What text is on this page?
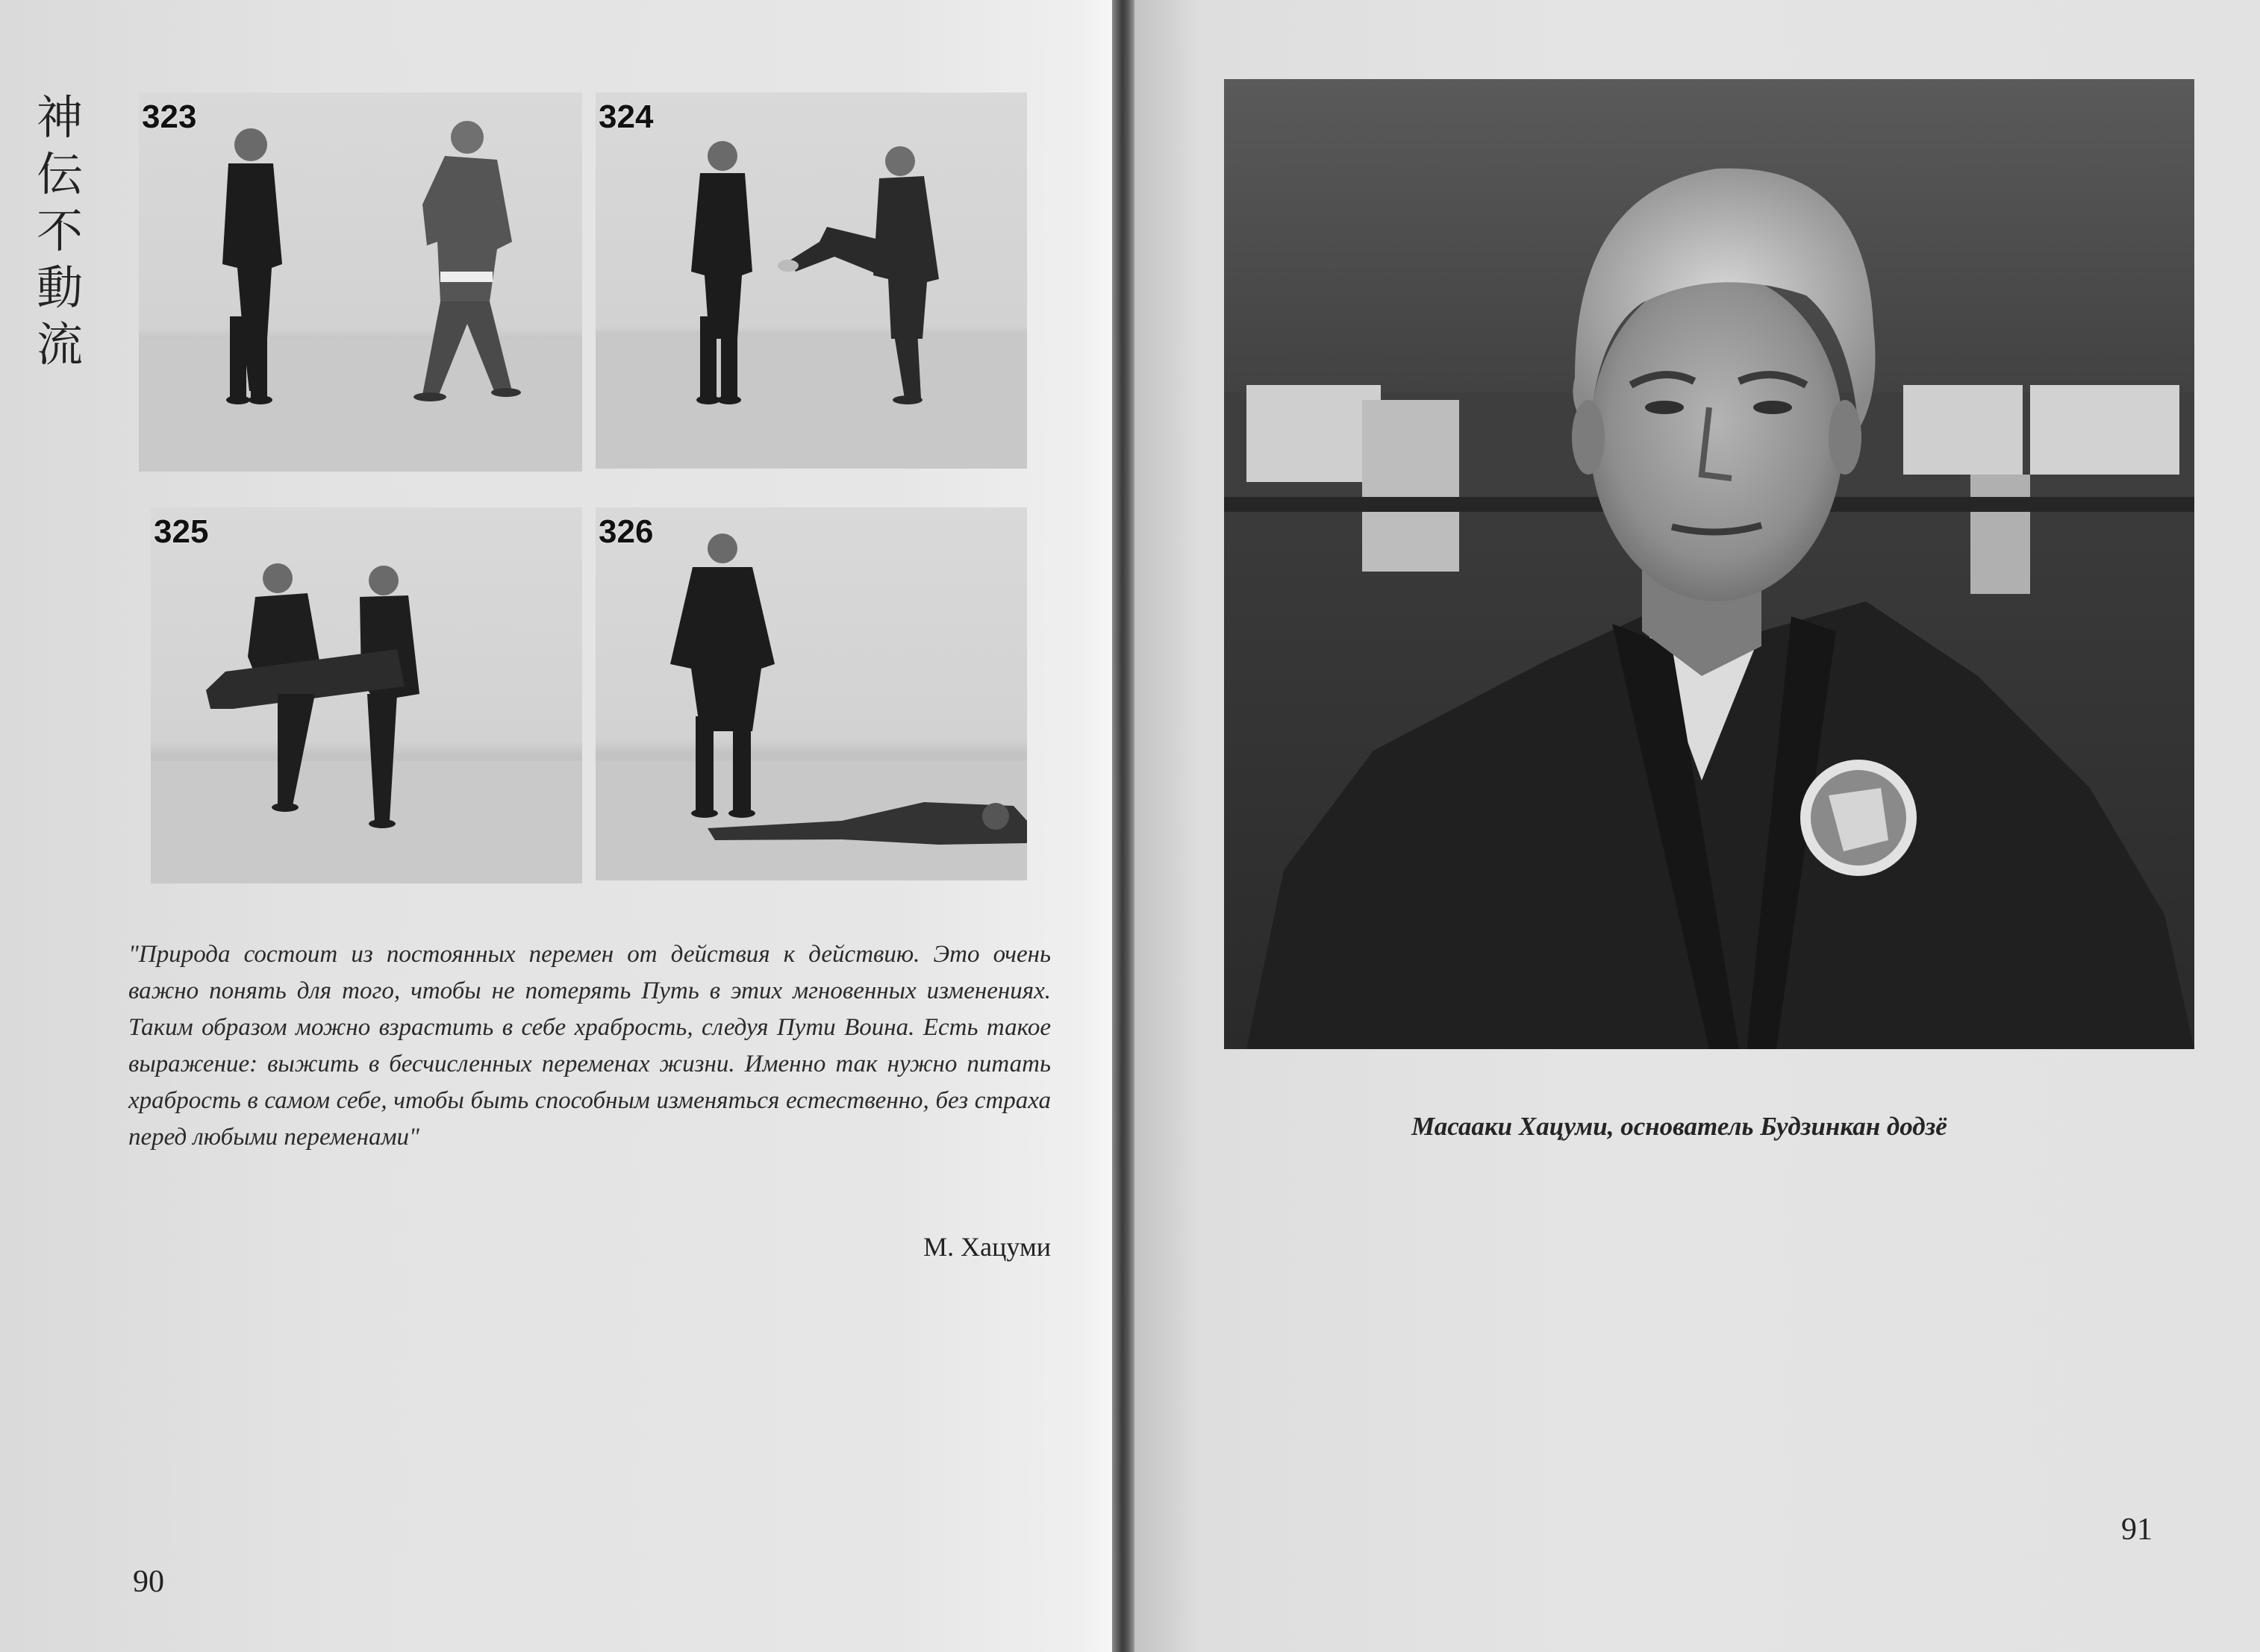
神
伝
不
動
流
323	324
325	326

"Природа состоит из постоянных перемен от действия к действию. Это очень важно понять для того, чтобы не потерять Путь в этих мгновенных изменениях. Таким образом можно взрастить в себе храбрость, следуя Пути Воина. Есть такое выражение: выжить в бесчисленных переменах жизни. Именно так нужно питать храбрость в самом себе, чтобы быть способным изменяться естественно, без страха перед любыми переменами"

М. Хацуми
90
Масааки Хацуми, основатель Будзинкан додзё
91
